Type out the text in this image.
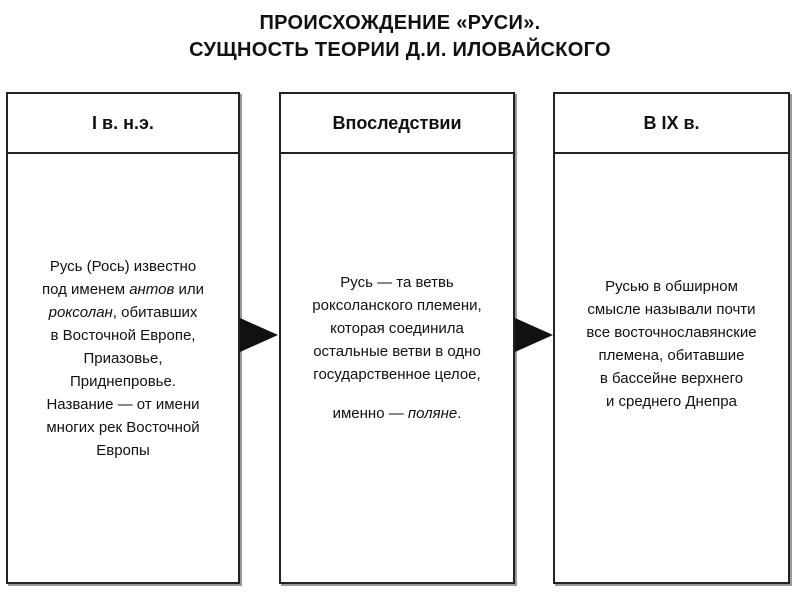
ПРОИСХОЖДЕНИЕ «РУСИ».
СУЩНОСТЬ ТЕОРИИ Д.И. ИЛОВАЙСКОГО
I в. н.э.
Русь (Рось) известно
под именем антов или
роксолан, обитавших
в Восточной Европе,
Приазовье,
Приднепровье.
Название — от имени
многих рек Восточной
Европы
Впоследствии
Русь — та ветвь
роксоланского племени,
которая соединила
остальные ветви в одно
государственное целое,
именно — поляне.
В IX в.
Русью в обширном
смысле называли почти
все восточнославянские
племена, обитавшие
в бассейне верхнего
и среднего Днепра
